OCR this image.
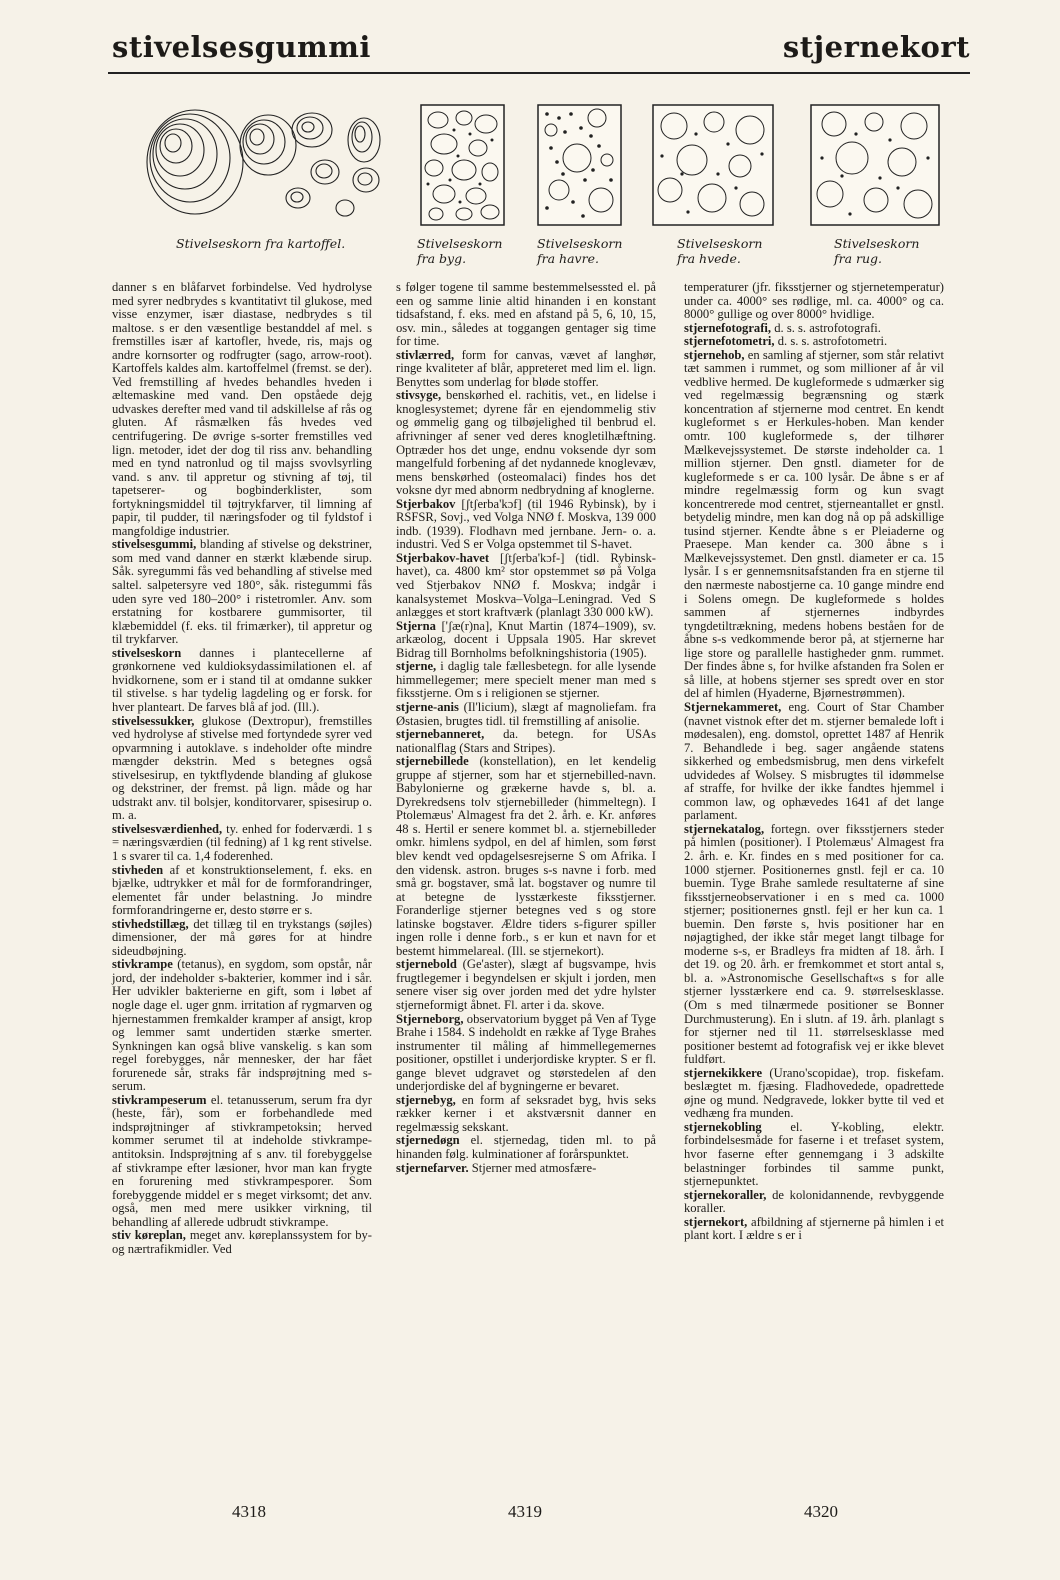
stivelsesgummi	stjernekort
Stivelseskorn fra kartoffel.	Stivelseskorn
fra byg.
Stivelseskorn
fra havre.
Stivelseskorn
fra hvede.
Stivelseskorn
fra rug.

danner s en blåfarvet forbindelse. Ved hydrolyse med syrer nedbrydes s kvantitativt til glukose, med visse enzymer, især diastase, nedbrydes s til maltose. s er den væsentlige bestanddel af mel. s fremstilles især af kartofler, hvede, ris, majs og andre kornsorter og rodfrugter (sago, arrow-root). Kartoffels kaldes alm. kartoffelmel (fremst. se der). Ved fremstilling af hvedes behandles hveden i æltemaskine med vand. Den opståede dejg udvaskes derefter med vand til adskillelse af rås og gluten. Af råsmælken fås hvedes ved centrifugering. De øvrige s-sorter fremstilles ved lign. metoder, idet der dog til riss anv. behandling med en tynd natronlud og til majss svovlsyrling vand. s anv. til appretur og stivning af tøj, til tapetserer- og bogbinderklister, som fortykningsmiddel til tøjtrykfarver, til limning af papir, til pudder, til næringsfoder og til fyldstof i mangfoldige industrier.

stivelsesgummi, blanding af stivelse og dekstriner, som med vand danner en stærkt klæbende sirup. Såk. syregummi fås ved behandling af stivelse med saltel. salpetersyre ved 180°, såk. ristegummi fås uden syre ved 180–200° i ristetromler. Anv. som erstatning for kostbarere gummisorter, til klæbemiddel (f. eks. til frimærker), til appretur og til trykfarver.

stivelseskorn dannes i plantecellerne af grønkornene ved kuldioksydassimilationen el. af hvidkornene, som er i stand til at omdanne sukker til stivelse. s har tydelig lagdeling og er forsk. for hver planteart. De farves blå af jod. (Ill.).

stivelsessukker, glukose (Dextropur), fremstilles ved hydrolyse af stivelse med fortyndede syrer ved opvarmning i autoklave. s indeholder ofte mindre mængder dekstrin. Med s betegnes også stivelsesirup, en tyktflydende blanding af glukose og dekstriner, der fremst. på lign. måde og har udstrakt anv. til bolsjer, konditorvarer, spisesirup o. m. a.

stivelsesværdienhed, ty. enhed for foderværdi. 1 s = næringsværdien (til fedning) af 1 kg rent stivelse. 1 s svarer til ca. 1,4 foderenhed.

stivheden af et konstruktionselement, f. eks. en bjælke, udtrykker et mål for de formforandringer, elementet får under belastning. Jo mindre formforandringerne er, desto større er s.

stivhedstillæg, det tillæg til en trykstangs (søjles) dimensioner, der må gøres for at hindre sideudbøjning.

stivkrampe (tetanus), en sygdom, som opstår, når jord, der indeholder s-bakterier, kommer ind i sår. Her udvikler bakterierne en gift, som i løbet af nogle dage el. uger gnm. irritation af rygmarven og hjernestammen fremkalder kramper af ansigt, krop og lemmer samt undertiden stærke smerter. Synkningen kan også blive vanskelig. s kan som regel forebygges, når mennesker, der har fået forurenede sår, straks får indsprøjtning med s-serum.

stivkrampeserum el. tetanusserum, serum fra dyr (heste, får), som er forbehandlede med indsprøjtninger af stivkrampetoksin; herved kommer serumet til at indeholde stivkrampe-antitoksin. Indsprøjtning af s anv. til forebyggelse af stivkrampe efter læsioner, hvor man kan frygte en forurening med stivkrampesporer. Som forebyggende middel er s meget virksomt; det anv. også, men med mere usikker virkning, til behandling af allerede udbrudt stivkrampe.

stiv køreplan, meget anv. køreplanssystem for by- og nærtrafikmidler. Ved

s følger togene til samme bestemmelsessted el. på een og samme linie altid hinanden i en konstant tidsafstand, f. eks. med en afstand på 5, 6, 10, 15, osv. min., således at toggangen gentager sig time for time.

stivlærred, form for canvas, vævet af langhør, ringe kvaliteter af blår, appreteret med lim el. lign. Benyttes som underlag for bløde stoffer.

stivsyge, benskørhed el. rachitis, vet., en lidelse i knoglesystemet; dyrene får en ejendommelig stiv og ømmelig gang og tilbøjelighed til benbrud el. afrivninger af sener ved deres knogletilhæftning. Optræder hos det unge, endnu voksende dyr som mangelfuld forbening af det nydannede knoglevæv, mens benskørhed (osteomalaci) findes hos det voksne dyr med abnorm nedbrydning af knoglerne.

Stjerbakov [ʃtʃerba'kɔf] (til 1946 Rybinsk), by i RSFSR, Sovj., ved Volga NNØ f. Moskva, 139 000 indb. (1939). Flodhavn med jernbane. Jern- o. a. industri. Ved S er Volga opstemmet til S-havet.

Stjerbakov-havet [ʃtʃerba'kɔf-] (tidl. Rybinsk-havet), ca. 4800 km² stor opstemmet sø på Volga ved Stjerbakov NNØ f. Moskva; indgår i kanalsystemet Moskva–Volga–Leningrad. Ved S anlægges et stort kraftværk (planlagt 330 000 kW).

Stjerna ['ʃæ(r)na], Knut Martin (1874–1909), sv. arkæolog, docent i Uppsala 1905. Har skrevet Bidrag till Bornholms befolkningshistoria (1905).

stjerne, i daglig tale fællesbetegn. for alle lysende himmellegemer; mere specielt mener man med s fiksstjerne. Om s i religionen se stjerner.

stjerne-anis (Il'licium), slægt af magnoliefam. fra Østasien, brugtes tidl. til fremstilling af anisolie.

stjernebanneret, da. betegn. for USAs nationalflag (Stars and Stripes).

stjernebillede (konstellation), en let kendelig gruppe af stjerner, som har et stjernebilled-navn. Babylonierne og grækerne havde s, bl. a. Dyrekredsens tolv stjernebilleder (himmeltegn). I Ptolemæus' Almagest fra det 2. årh. e. Kr. anføres 48 s. Hertil er senere kommet bl. a. stjernebilleder omkr. himlens sydpol, en del af himlen, som først blev kendt ved opdagelsesrejserne S om Afrika. I den vidensk. astron. bruges s-s navne i forb. med små gr. bogstaver, små lat. bogstaver og numre til at betegne de lysstærkeste fiksstjerner. Foranderlige stjerner betegnes ved s og store latinske bogstaver. Ældre tiders s-figurer spiller ingen rolle i denne forb., s er kun et navn for et bestemt himmelareal. (Ill. se stjernekort).

stjernebold (Ge'aster), slægt af bugsvampe, hvis frugtlegemer i begyndelsen er skjult i jorden, men senere viser sig over jorden med det ydre hylster stjerneformigt åbnet. Fl. arter i da. skove.

Stjerneborg, observatorium bygget på Ven af Tyge Brahe i 1584. S indeholdt en række af Tyge Brahes instrumenter til måling af himmellegemernes positioner, opstillet i underjordiske krypter. S er fl. gange blevet udgravet og størstedelen af den underjordiske del af bygningerne er bevaret.

stjernebyg, en form af seksradet byg, hvis seks rækker kerner i et akstværsnit danner en regelmæssig sekskant.

stjernedøgn el. stjernedag, tiden ml. to på hinanden følg. kulminationer af forårspunktet.

stjernefarver. Stjerner med atmosfære-

temperaturer (jfr. fiksstjerner og stjernetemperatur) under ca. 4000° ses rødlige, ml. ca. 4000° og ca. 8000° gullige og over 8000° hvidlige.

stjernefotografi, d. s. s. astrofotografi.

stjernefotometri, d. s. s. astrofotometri.

stjernehob, en samling af stjerner, som står relativt tæt sammen i rummet, og som millioner af år vil vedblive hermed. De kugleformede s udmærker sig ved regelmæssig begrænsning og stærk koncentration af stjernerne mod centret. En kendt kugleformet s er Herkules-hoben. Man kender omtr. 100 kugleformede s, der tilhører Mælkevejssystemet. De største indeholder ca. 1 million stjerner. Den gnstl. diameter for de kugleformede s er ca. 100 lysår. De åbne s er af mindre regelmæssig form og kun svagt koncentrerede mod centret, stjerneantallet er gnstl. betydelig mindre, men kan dog nå op på adskillige tusind stjerner. Kendte åbne s er Pleiaderne og Praesepe. Man kender ca. 300 åbne s i Mælkevejssystemet. Den gnstl. diameter er ca. 15 lysår. I s er gennemsnitsafstanden fra en stjerne til den nærmeste nabostjerne ca. 10 gange mindre end i Solens omegn. De kugleformede s holdes sammen af stjernernes indbyrdes tyngdetiltrækning, medens hobens beståen for de åbne s-s vedkommende beror på, at stjernerne har lige store og parallelle hastigheder gnm. rummet. Der findes åbne s, for hvilke afstanden fra Solen er så lille, at hobens stjerner ses spredt over en stor del af himlen (Hyaderne, Bjørnestrømmen).

Stjernekammeret, eng. Court of Star Chamber (navnet vistnok efter det m. stjerner bemalede loft i mødesalen), eng. domstol, oprettet 1487 af Henrik 7. Behandlede i beg. sager angående statens sikkerhed og embedsmisbrug, men dens virkefelt udvidedes af Wolsey. S misbrugtes til idømmelse af straffe, for hvilke der ikke fandtes hjemmel i common law, og ophævedes 1641 af det lange parlament.

stjernekatalog, fortegn. over fiksstjerners steder på himlen (positioner). I Ptolemæus' Almagest fra 2. årh. e. Kr. findes en s med positioner for ca. 1000 stjerner. Positionernes gnstl. fejl er ca. 10 buemin. Tyge Brahe samlede resultaterne af sine fiksstjerneobservationer i en s med ca. 1000 stjerner; positionernes gnstl. fejl er her kun ca. 1 buemin. Den første s, hvis positioner har en nøjagtighed, der ikke står meget langt tilbage for moderne s-s, er Bradleys fra midten af 18. årh. I det 19. og 20. årh. er fremkommet et stort antal s, bl. a. »Astronomische Gesellschaft«s s for alle stjerner lysstærkere end ca. 9. størrelsesklasse. (Om s med tilnærmede positioner se Bonner Durchmusterung). En i slutn. af 19. årh. planlagt s for stjerner ned til 11. størrelsesklasse med positioner bestemt ad fotografisk vej er ikke blevet fuldført.

stjernekikkere (Urano'scopidae), trop. fiskefam. beslægtet m. fjæsing. Fladhovedede, opadrettede øjne og mund. Nedgravede, lokker bytte til ved et vedhæng fra munden.

stjernekobling el. Y-kobling, elektr. forbindelsesmåde for faserne i et trefaset system, hvor faserne efter gennemgang i 3 adskilte belastninger forbindes til samme punkt, stjernepunktet.

stjernekoraller, de kolonidannende, revbyggende koraller.

stjernekort, afbildning af stjernerne på himlen i et plant kort. I ældre s er i

4318	4319	4320
